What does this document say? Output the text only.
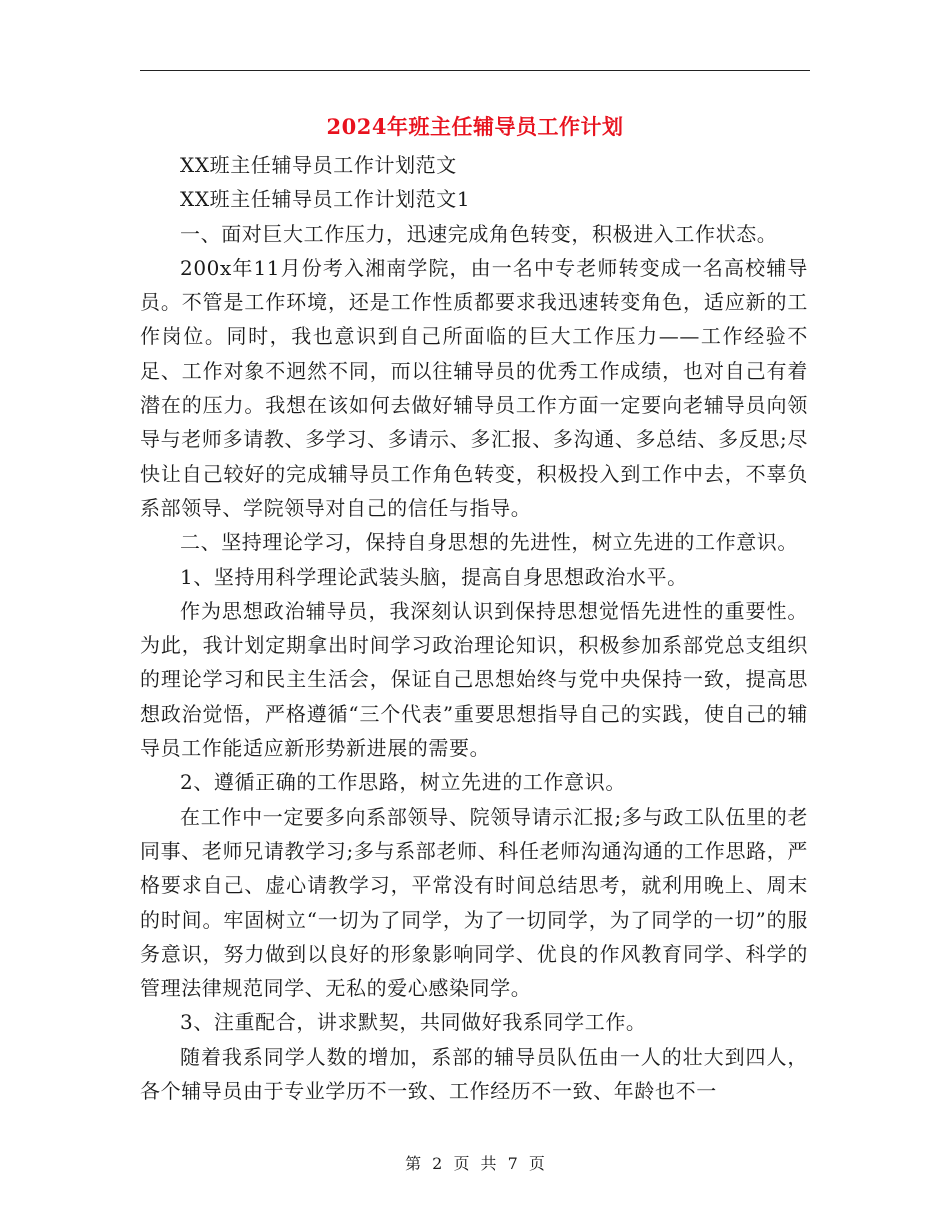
2024年班主任辅导员工作计划

XX班主任辅导员工作计划范文

XX班主任辅导员工作计划范文1

一、面对巨大工作压力，迅速完成角色转变，积极进入工作状态。

200x年11月份考入湘南学院，由一名中专老师转变成一名高校辅导员。不管是工作环境，还是工作性质都要求我迅速转变角色，适应新的工作岗位。同时，我也意识到自己所面临的巨大工作压力——工作经验不足、工作对象不迥然不同，而以往辅导员的优秀工作成绩，也对自己有着潜在的压力。我想在该如何去做好辅导员工作方面一定要向老辅导员向领导与老师多请教、多学习、多请示、多汇报、多沟通、多总结、多反思;尽快让自己较好的完成辅导员工作角色转变，积极投入到工作中去，不辜负系部领导、学院领导对自己的信任与指导。

二、坚持理论学习，保持自身思想的先进性，树立先进的工作意识。

1、坚持用科学理论武装头脑，提高自身思想政治水平。

作为思想政治辅导员，我深刻认识到保持思想觉悟先进性的重要性。为此，我计划定期拿出时间学习政治理论知识，积极参加系部党总支组织的理论学习和民主生活会，保证自己思想始终与党中央保持一致，提高思想政治觉悟，严格遵循“三个代表”重要思想指导自己的实践，使自己的辅导员工作能适应新形势新进展的需要。

2、遵循正确的工作思路，树立先进的工作意识。

在工作中一定要多向系部领导、院领导请示汇报;多与政工队伍里的老同事、老师兄请教学习;多与系部老师、科任老师沟通沟通的工作思路，严格要求自己、虚心请教学习，平常没有时间总结思考，就利用晚上、周末的时间。牢固树立“一切为了同学，为了一切同学，为了同学的一切”的服务意识，努力做到以良好的形象影响同学、优良的作风教育同学、科学的管理法律规范同学、无私的爱心感染同学。

3、注重配合，讲求默契，共同做好我系同学工作。

随着我系同学人数的增加，系部的辅导员队伍由一人的壮大到四人，各个辅导员由于专业学历不一致、工作经历不一致、年龄也不一

第 2 页 共 7 页
